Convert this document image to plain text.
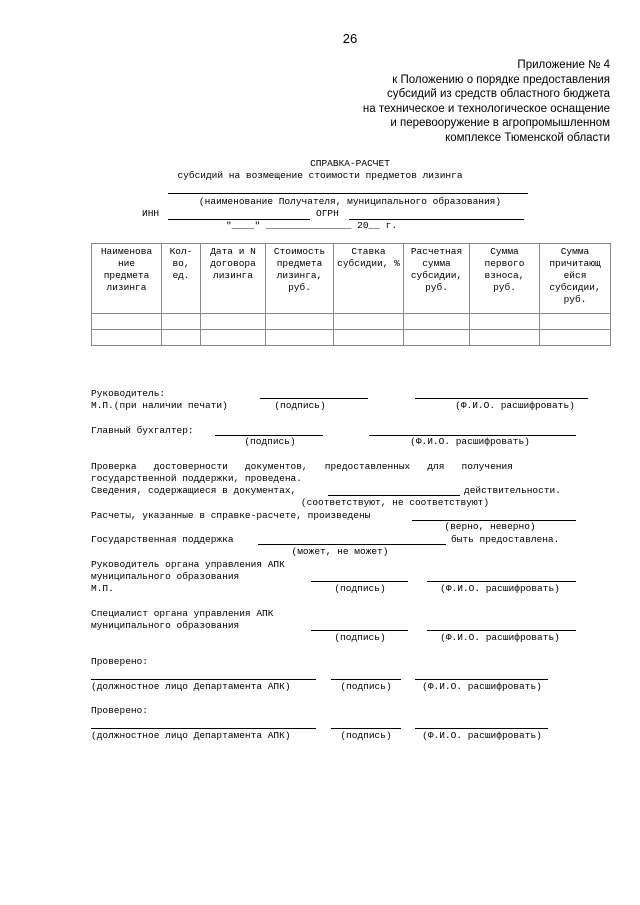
26
Приложение № 4
к Положению о порядке предоставления
субсидий из средств областного бюджета
на техническое и технологическое оснащение
и перевооружение в агропромышленном
комплексе Тюменской области
СПРАВКА-РАСЧЕТ
субсидий на возмещение стоимости предметов лизинга
(наименование Получателя, муниципального образования)
ИНН	ОГРН
"____" _______________ 20__ г.
Наименова ние предмета лизинга	Кол-во, ед.	Дата и N договора лизинга	Стоимость предмета лизинга, руб.	Ставка субсидии, %	Расчетная сумма субсидии, руб.	Сумма первого взноса, руб.	Сумма причитающ ейся субсидии, руб.

Руководитель:
М.П.(при наличии печати)	(подпись)	(Ф.И.О. расшифровать)
Главный бухгалтер:
(подпись)	(Ф.И.О. расшифровать)
Проверка   достоверности   документов,   предоставленных   для   получения
государственной поддержки, проведена.
Сведения, содержащиеся в документах,	действительности.
(соответствуют, не соответствуют)
Расчеты, указанные в справке-расчете, произведены
(верно, неверно)
Государственная поддержка	быть предоставлена.
(может, не может)
Руководитель органа управления АПК
муниципального образования
М.П.	(подпись)	(Ф.И.О. расшифровать)
Специалист органа управления АПК
муниципального образования
(подпись)	(Ф.И.О. расшифровать)
Проверено:
(должностное лицо Департамента АПК)	(подпись)	(Ф.И.О. расшифровать)
Проверено:
(должностное лицо Департамента АПК)	(подпись)	(Ф.И.О. расшифровать)
